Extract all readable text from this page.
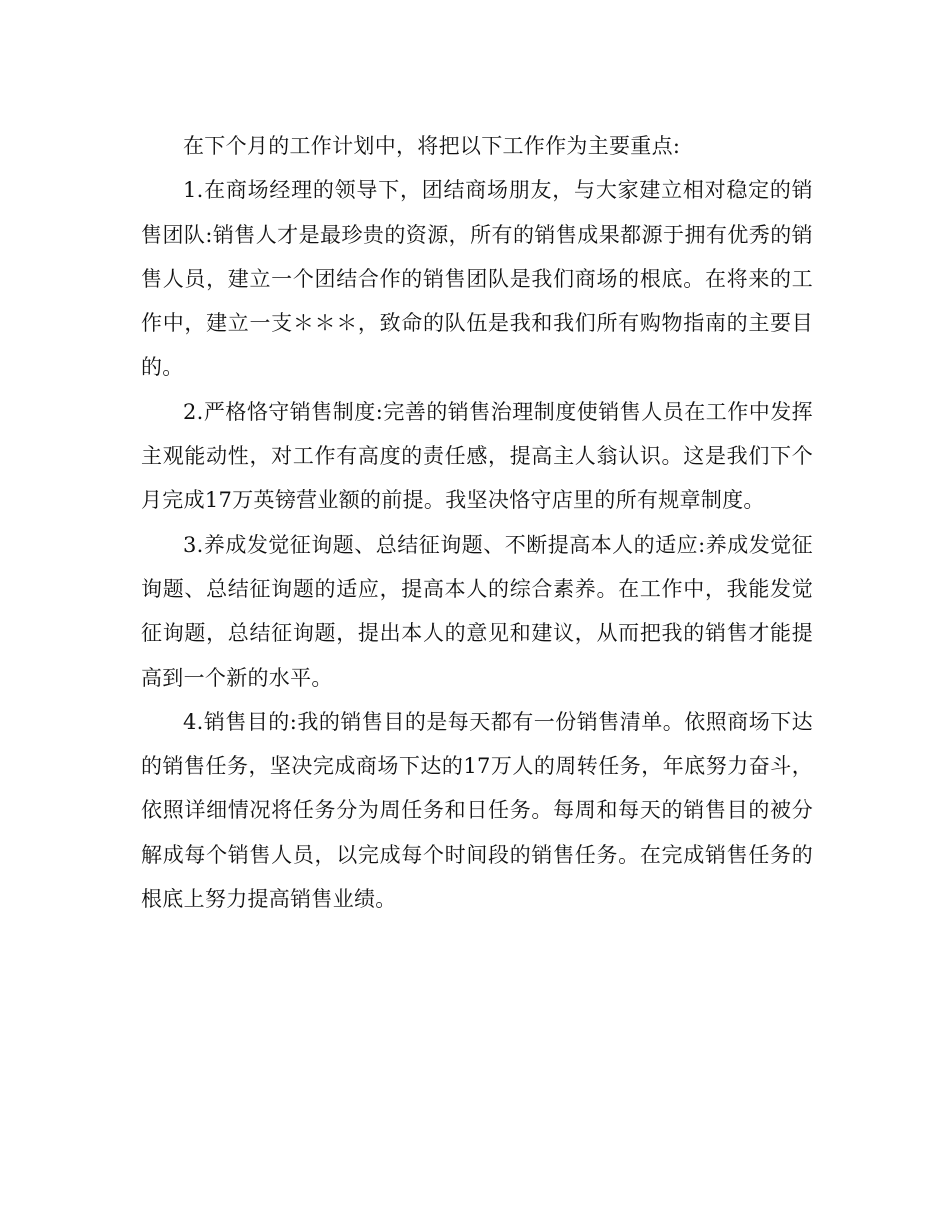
在下个月的工作计划中，将把以下工作作为主要重点:

1.在商场经理的领导下，团结商场朋友，与大家建立相对稳定的销售团队:销售人才是最珍贵的资源，所有的销售成果都源于拥有优秀的销售人员，建立一个团结合作的销售团队是我们商场的根底。在将来的工作中，建立一支＊＊＊，致命的队伍是我和我们所有购物指南的主要目的。

2.严格恪守销售制度:完善的销售治理制度使销售人员在工作中发挥主观能动性，对工作有高度的责任感，提高主人翁认识。这是我们下个月完成17万英镑营业额的前提。我坚决恪守店里的所有规章制度。

3.养成发觉征询题、总结征询题、不断提高本人的适应:养成发觉征询题、总结征询题的适应，提高本人的综合素养。在工作中，我能发觉征询题，总结征询题，提出本人的意见和建议，从而把我的销售才能提高到一个新的水平。

4.销售目的:我的销售目的是每天都有一份销售清单。依照商场下达的销售任务，坚决完成商场下达的17万人的周转任务，年底努力奋斗，依照详细情况将任务分为周任务和日任务。每周和每天的销售目的被分解成每个销售人员，以完成每个时间段的销售任务。在完成销售任务的根底上努力提高销售业绩。
